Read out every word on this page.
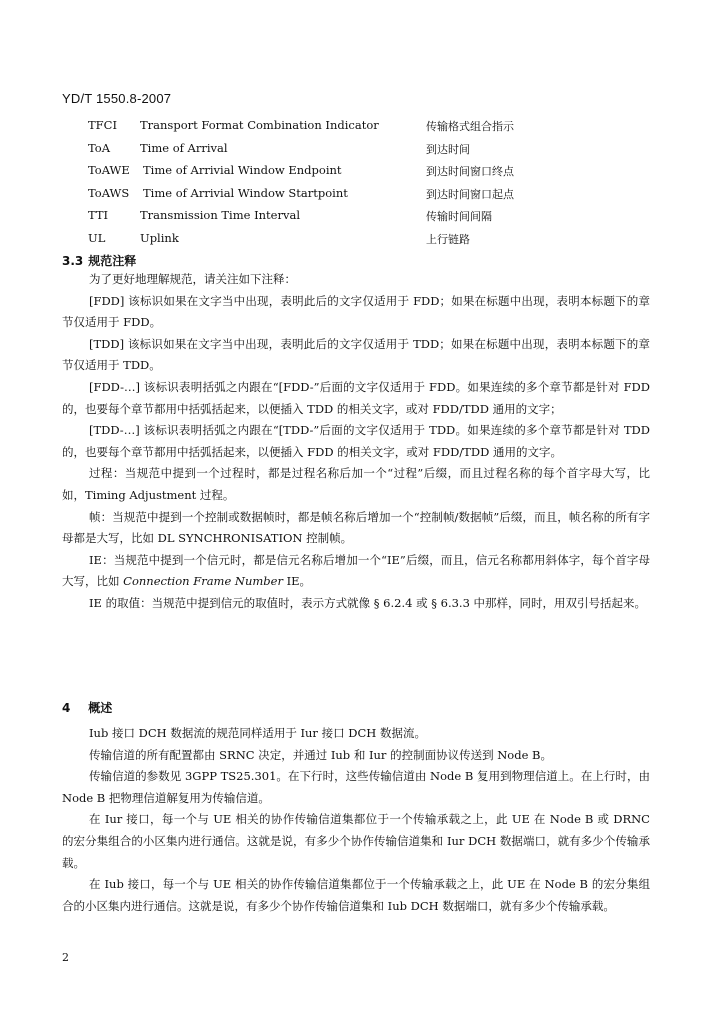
YD/T 1550.8-2007
TFCI Transport Format Combination Indicator	传输格式组合指示
ToA	Time of Arrival	到达时间
ToAWE Time of Arrivial Window Endpoint	到达时间窗口终点
ToAWS Time of Arrivial Window Startpoint	到达时间窗口起点
TTI	Transmission Time Interval	传输时间间隔
UL	Uplink	上行链路
3.3 规范注释

为了更好地理解规范，请关注如下注释：

[FDD] 该标识如果在文字当中出现，表明此后的文字仅适用于 FDD；如果在标题中出现，表明本标题下的章节仅适用于 FDD。

[TDD] 该标识如果在文字当中出现，表明此后的文字仅适用于 TDD；如果在标题中出现，表明本标题下的章节仅适用于 TDD。

[FDD-…] 该标识表明括弧之内跟在“[FDD-”后面的文字仅适用于 FDD。如果连续的多个章节都是针对 FDD 的，也要每个章节都用中括弧括起来，以便插入 TDD 的相关文字，或对 FDD/TDD 通用的文字；

[TDD-…] 该标识表明括弧之内跟在“[TDD-”后面的文字仅适用于 TDD。如果连续的多个章节都是针对 TDD 的，也要每个章节都用中括弧括起来，以便插入 FDD 的相关文字，或对 FDD/TDD 通用的文字。

过程：当规范中提到一个过程时，都是过程名称后加一个“过程”后缀，而且过程名称的每个首字母大写，比如，Timing Adjustment 过程。

帧：当规范中提到一个控制或数据帧时，都是帧名称后增加一个“控制帧/数据帧”后缀，而且，帧名称的所有字母都是大写，比如 DL SYNCHRONISATION 控制帧。

IE：当规范中提到一个信元时，都是信元名称后增加一个“IE”后缀，而且，信元名称都用斜体字，每个首字母大写，比如 Connection Frame Number IE。

IE 的取值：当规范中提到信元的取值时，表示方式就像 § 6.2.4 或 § 6.3.3 中那样，同时，用双引号括起来。

4 概述

Iub 接口 DCH 数据流的规范同样适用于 Iur 接口 DCH 数据流。

传输信道的所有配置都由 SRNC 决定，并通过 Iub 和 Iur 的控制面协议传送到 Node B。

传输信道的参数见 3GPP TS25.301。在下行时，这些传输信道由 Node B 复用到物理信道上。在上行时，由 Node B 把物理信道解复用为传输信道。

在 Iur 接口，每一个与 UE 相关的协作传输信道集都位于一个传输承载之上，此 UE 在 Node B 或 DRNC 的宏分集组合的小区集内进行通信。这就是说，有多少个协作传输信道集和 Iur DCH 数据端口，就有多少个传输承载。

在 Iub 接口，每一个与 UE 相关的协作传输信道集都位于一个传输承载之上，此 UE 在 Node B 的宏分集组合的小区集内进行通信。这就是说，有多少个协作传输信道集和 Iub DCH 数据端口，就有多少个传输承载。

2
